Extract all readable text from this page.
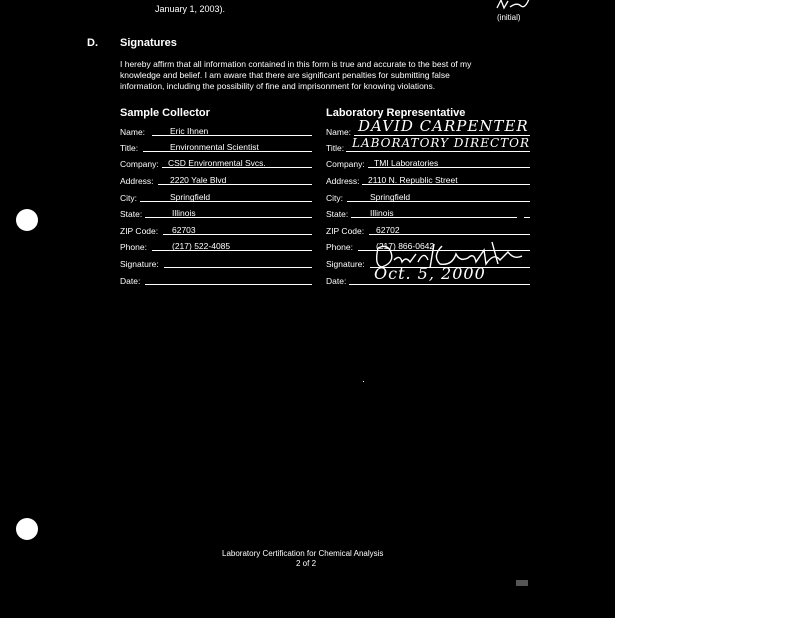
January 1, 2003).
(initial)
D. Signatures
I hereby affirm that all information contained in this form is true and accurate to the best of my
knowledge and belief. I am aware that there are significant penalties for submitting false
information, including the possibility of fine and imprisonment for knowing violations.
Sample Collector
Name:	Eric Ihnen
Title:	Environmental Scientist
Company: CSD Environmental Svcs.
Address: 2220 Yale Blvd
City:	Springfield
State:	Illinois
ZIP Code: 62703
Phone:	(217) 522-4085
Signature:
Date:
Laboratory Representative
Name: DAVID CARPENTER
Title: LABORATORY DIRECTOR
Company: TMI Laboratories
Address: 2110 N. Republic Street
City:	Springfield
State:	Illinois
ZIP Code: 62702
Phone:	(217) 866-0642
Signature:
Date: Oct. 5, 2000
Laboratory Certification for Chemical Analysis
2 of 2
